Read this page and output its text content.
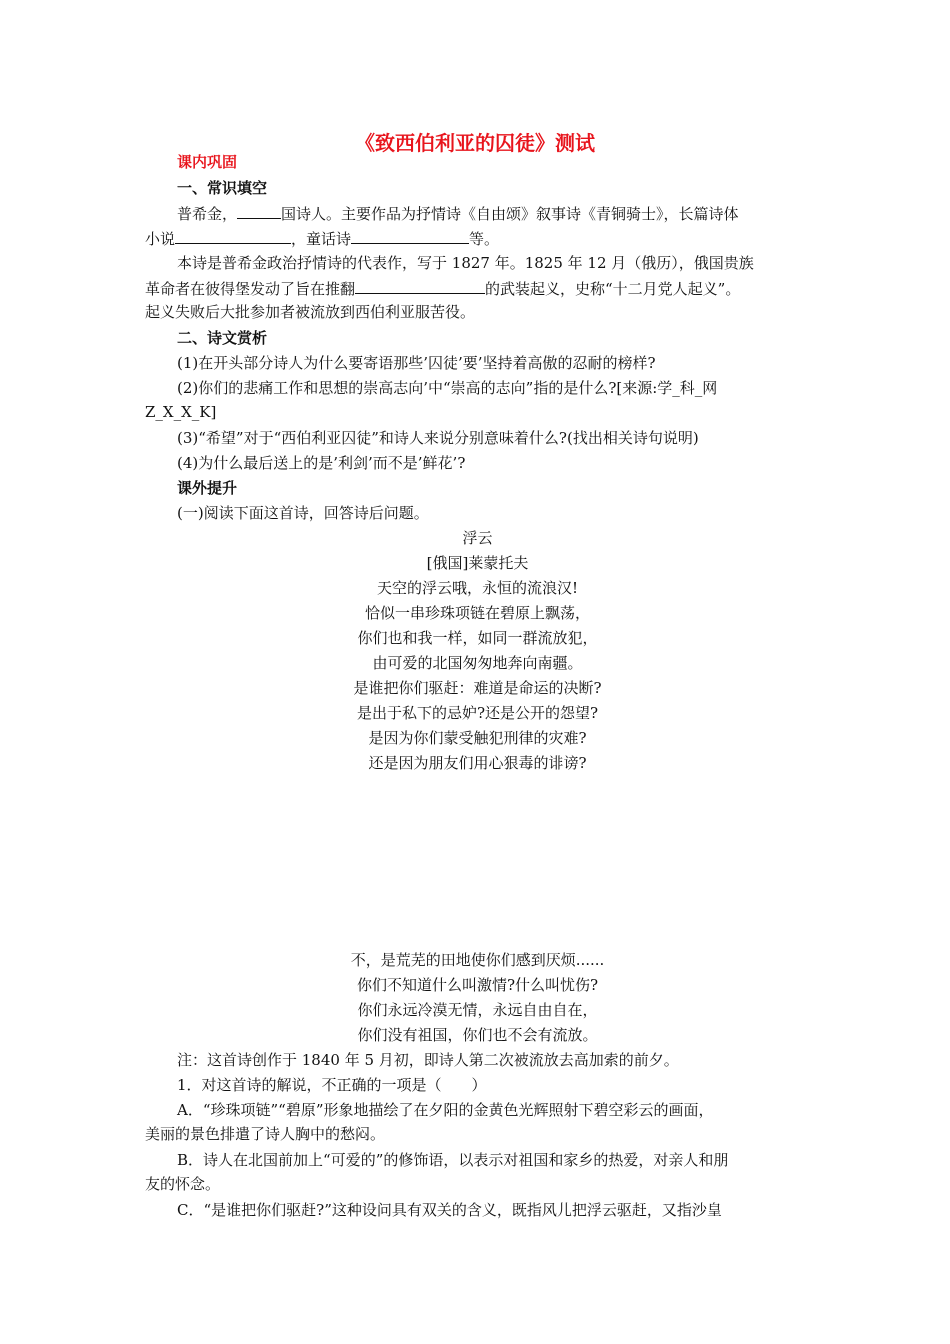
《致西伯利亚的囚徒》测试
课内巩固
一、常识填空
普希金，	国诗人。主要作品为抒情诗《自由颂》叙事诗《青铜骑士》，长篇诗体
小说	，童话诗	等。
本诗是普希金政治抒情诗的代表作，写于 1827 年。1825 年 12 月（俄历），俄国贵族
革命者在彼得堡发动了旨在推翻	的武装起义，史称“十二月党人起义”。
起义失败后大批参加者被流放到西伯利亚服苦役。
二、诗文赏析
(1)在开头部分诗人为什么要寄语那些’囚徒’要’坚持着高傲的忍耐的榜样?
(2)你们的悲痛工作和思想的崇高志向’中“崇高的志向”指的是什么?[来源:学_科_网
Z_X_X_K]
(3)“希望”对于“西伯利亚囚徒”和诗人来说分别意味着什么?(找出相关诗句说明)
(4)为什么最后送上的是’利剑’而不是’鲜花’?
课外提升
(一)阅读下面这首诗，回答诗后问题。
浮云
[俄国]莱蒙托夫
天空的浮云哦，永恒的流浪汉!
恰似一串珍珠项链在碧原上飘荡，
你们也和我一样，如同一群流放犯，
由可爱的北国匆匆地奔向南疆。
是谁把你们驱赶：难道是命运的决断?
是出于私下的忌妒?还是公开的怨望?
是因为你们蒙受触犯刑律的灾难?
还是因为朋友们用心狠毒的诽谤?
不，是荒芜的田地使你们感到厌烦......
你们不知道什么叫激情?什么叫忧伤?
你们永远冷漠无情，永远自由自在，
你们没有祖国，你们也不会有流放。
注：这首诗创作于 1840 年 5 月初，即诗人第二次被流放去高加索的前夕。
1．对这首诗的解说，不正确的一项是（　　）
A．“珍珠项链”“碧原”形象地描绘了在夕阳的金黄色光辉照射下碧空彩云的画面，
美丽的景色排遣了诗人胸中的愁闷。
B．诗人在北国前加上“可爱的”的修饰语，以表示对祖国和家乡的热爱，对亲人和朋
友的怀念。
C．“是谁把你们驱赶?”这种设问具有双关的含义，既指风儿把浮云驱赶，又指沙皇
